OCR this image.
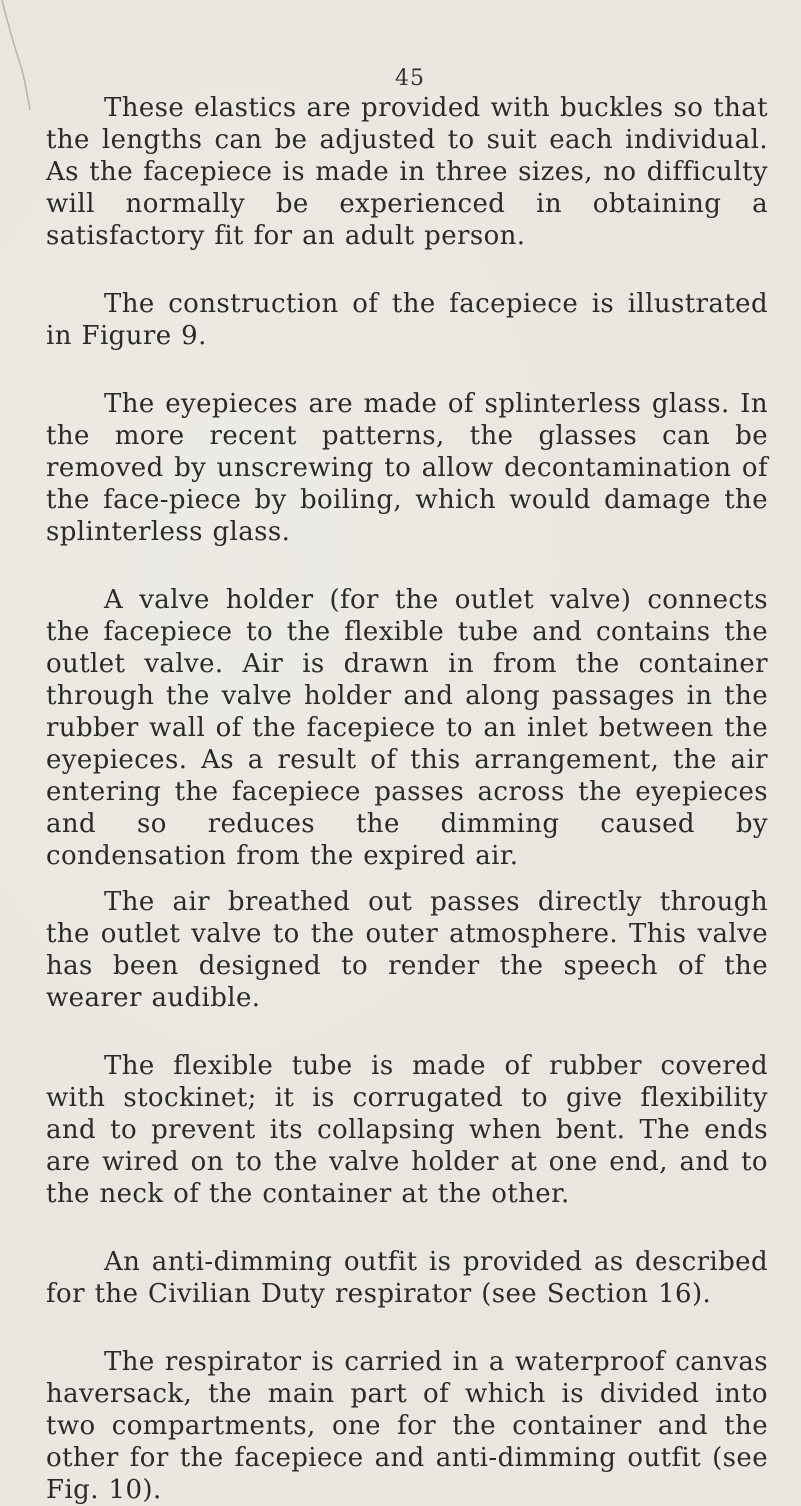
45

These elastics are provided with buckles so that the lengths can be adjusted to suit each individual. As the facepiece is made in three sizes, no difficulty will normally be experienced in obtaining a satisfactory fit for an adult person.

The construction of the facepiece is illustrated in Figure 9.

The eyepieces are made of splinterless glass. In the more recent patterns, the glasses can be removed by unscrewing to allow decontamination of the face-piece by boiling, which would damage the splinterless glass.

A valve holder (for the outlet valve) connects the facepiece to the flexible tube and contains the outlet valve. Air is drawn in from the container through the valve holder and along passages in the rubber wall of the facepiece to an inlet between the eyepieces. As a result of this arrangement, the air entering the facepiece passes across the eyepieces and so reduces the dimming caused by condensation from the expired air.

The air breathed out passes directly through the outlet valve to the outer atmosphere. This valve has been designed to render the speech of the wearer audible.

The flexible tube is made of rubber covered with stockinet; it is corrugated to give flexibility and to prevent its collapsing when bent. The ends are wired on to the valve holder at one end, and to the neck of the container at the other.

An anti-dimming outfit is provided as described for the Civilian Duty respirator (see Section 16).

The respirator is carried in a waterproof canvas haversack, the main part of which is divided into two compartments, one for the container and the other for the facepiece and anti-dimming outfit (see Fig. 10).
